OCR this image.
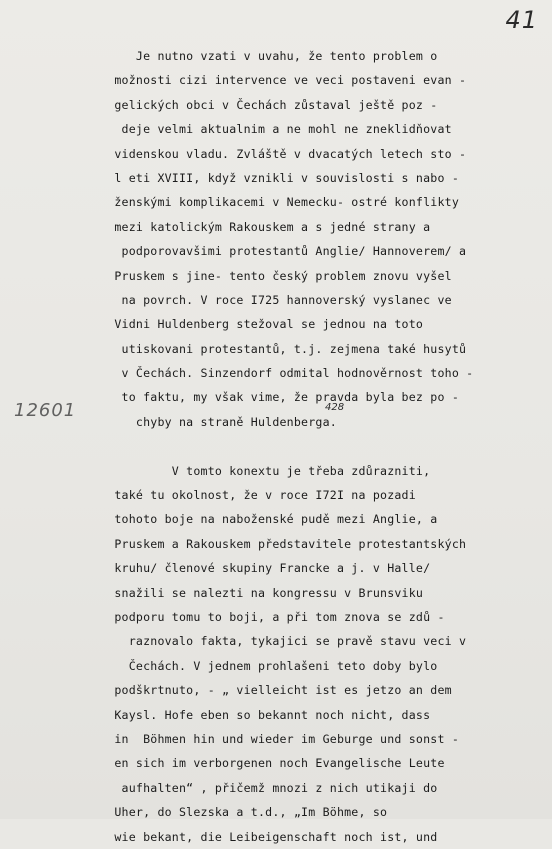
41
12601	428
Je nutno vzati v uvahu, že tento problem o
možnosti cizi intervence ve veci postaveni evan -
gelických obci v Čechách zůstaval ještě poz -
deje velmi aktualnim a ne mohl ne zneklidňovat
videnskou vladu. Zvláště v dvacatých letech sto -
l eti XVIII, když vznikli v souvislosti s nabo -
ženskými komplikacemi v Nemecku- ostré konflikty
mezi katolickým Rakouskem a s jedné strany a
podporovavšimi protestantů Anglie/ Hannoverem/ a
Pruskem s jine- tento český problem znovu vyšel
na povrch. V roce I725 hannoverský vyslanec ve
Vidni Huldenberg stežoval se jednou na toto
utiskovani protestantů, t.j. zejmena také husytů
v Čechách. Sinzendorf odmital hodnověrnost toho -
to faktu, my však vime, že pravda byla bez po -
chyby na straně Huldenberga.
V tomto konextu je třeba zdůrazniti,
také tu okolnost, že v roce I72I na pozadi
tohoto boje na naboženské pudě mezi Anglie, a
Pruskem a Rakouskem představitele protestantských
kruhu/ členové skupiny Francke a j. v Halle/
snažili se nalezti na kongressu v Brunsviku
podporu tomu to boji, a při tom znova se zdů -
raznovalo fakta, tykajici se pravě stavu veci v
Čechách. V jednem prohlašeni teto doby bylo
podškrtnuto, - „ vielleicht ist es jetzo an dem
Kaysl. Hofe eben so bekannt noch nicht, dass
in  Böhmen hin und wieder im Geburge und sonst -
en sich im verborgenen noch Evangelische Leute
aufhalten“ , přičemž mnozi z nich utikaji do
Uher, do Slezska a t.d., „Im Böhme, so
wie bekant, die Leibeigenschaft noch ist, und
